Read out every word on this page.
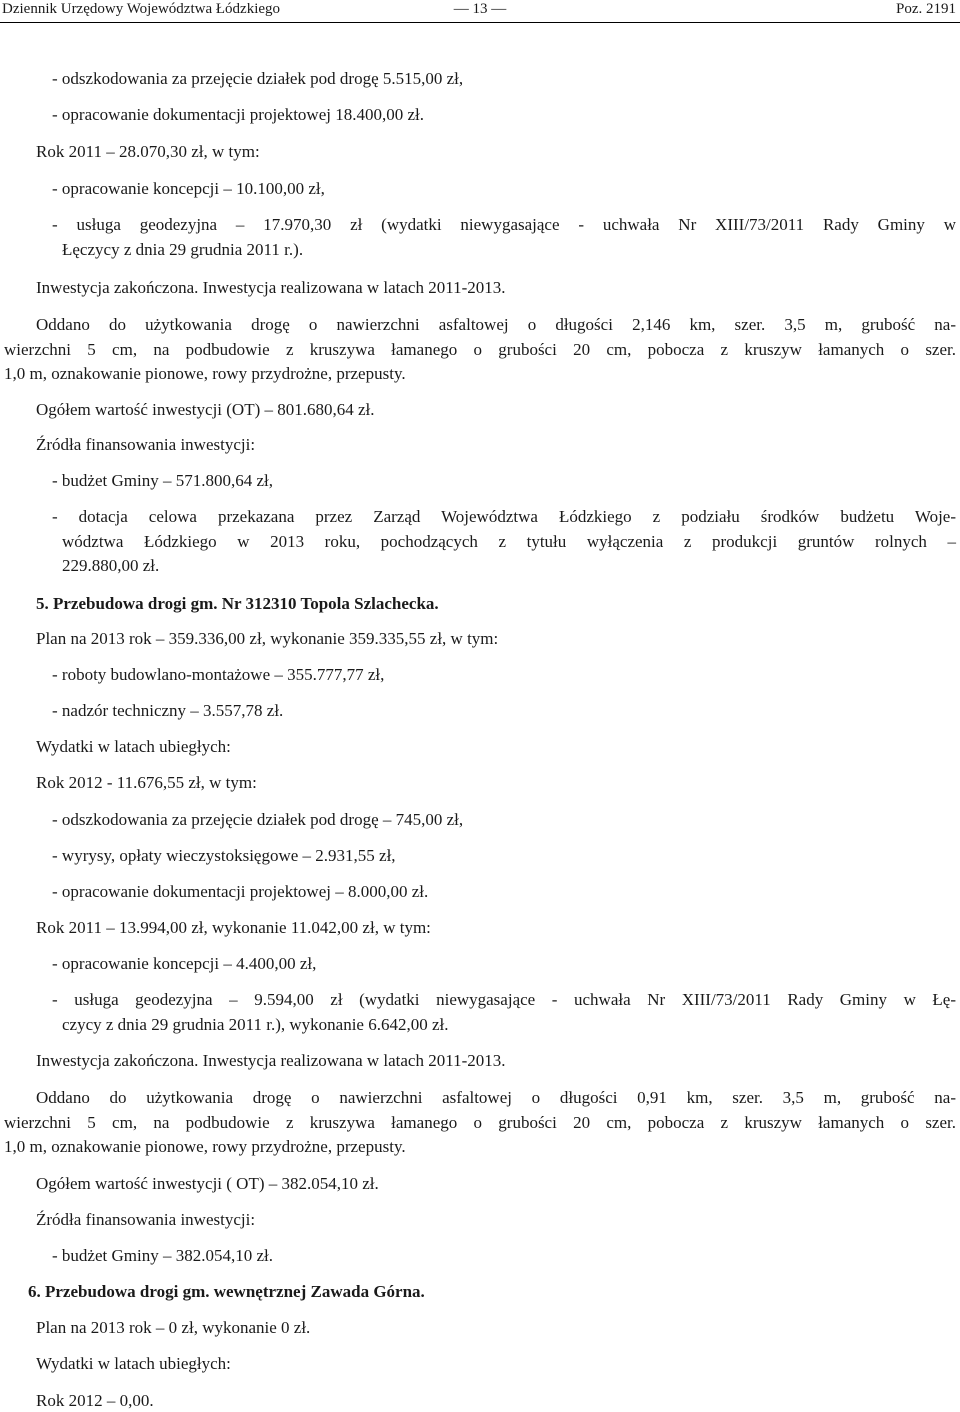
Dziennik Urzędowy Województwa Łódzkiego	— 13 —	Poz. 2191
- odszkodowania za przejęcie działek pod drogę 5.515,00 zł,
- opracowanie dokumentacji projektowej 18.400,00 zł.
Rok 2011 – 28.070,30 zł, w tym:
- opracowanie koncepcji – 10.100,00 zł,
- usługa geodezyjna – 17.970,30 zł (wydatki niewygasające - uchwała Nr XIII/73/2011 Rady Gminy w
Łęczycy z dnia 29 grudnia 2011 r.).
Inwestycja zakończona. Inwestycja realizowana w latach 2011-2013.
Oddano do użytkowania drogę o nawierzchni asfaltowej o długości 2,146 km, szer. 3,5 m, grubość na-
wierzchni 5 cm, na podbudowie z kruszywa łamanego o grubości 20 cm, pobocza z kruszyw łamanych o szer.
1,0 m, oznakowanie pionowe, rowy przydrożne, przepusty.
Ogółem wartość inwestycji (OT) – 801.680,64 zł.
Źródła finansowania inwestycji:
- budżet Gminy – 571.800,64 zł,
- dotacja celowa przekazana przez Zarząd Województwa Łódzkiego z podziału środków budżetu Woje-
wództwa Łódzkiego w 2013 roku, pochodzących z tytułu wyłączenia z produkcji gruntów rolnych –
229.880,00 zł.
5. Przebudowa drogi gm. Nr 312310 Topola Szlachecka.
Plan na 2013 rok – 359.336,00 zł, wykonanie 359.335,55 zł, w tym:
- roboty budowlano-montażowe – 355.777,77 zł,
- nadzór techniczny – 3.557,78 zł.
Wydatki w latach ubiegłych:
Rok 2012 - 11.676,55 zł, w tym:
- odszkodowania za przejęcie działek pod drogę – 745,00 zł,
- wyrysy, opłaty wieczystoksięgowe – 2.931,55 zł,
- opracowanie dokumentacji projektowej – 8.000,00 zł.
Rok 2011 – 13.994,00 zł, wykonanie 11.042,00 zł, w tym:
- opracowanie koncepcji – 4.400,00 zł,
- usługa geodezyjna – 9.594,00 zł (wydatki niewygasające - uchwała Nr XIII/73/2011 Rady Gminy w Łę-
czycy z dnia 29 grudnia 2011 r.), wykonanie 6.642,00 zł.
Inwestycja zakończona. Inwestycja realizowana w latach 2011-2013.
Oddano do użytkowania drogę o nawierzchni asfaltowej o długości 0,91 km, szer. 3,5 m, grubość na-
wierzchni 5 cm, na podbudowie z kruszywa łamanego o grubości 20 cm, pobocza z kruszyw łamanych o szer.
1,0 m, oznakowanie pionowe, rowy przydrożne, przepusty.
Ogółem wartość inwestycji ( OT) – 382.054,10 zł.
Źródła finansowania inwestycji:
- budżet Gminy – 382.054,10 zł.
6. Przebudowa drogi gm. wewnętrznej Zawada Górna.
Plan na 2013 rok – 0 zł, wykonanie 0 zł.
Wydatki w latach ubiegłych:
Rok 2012 – 0,00.
